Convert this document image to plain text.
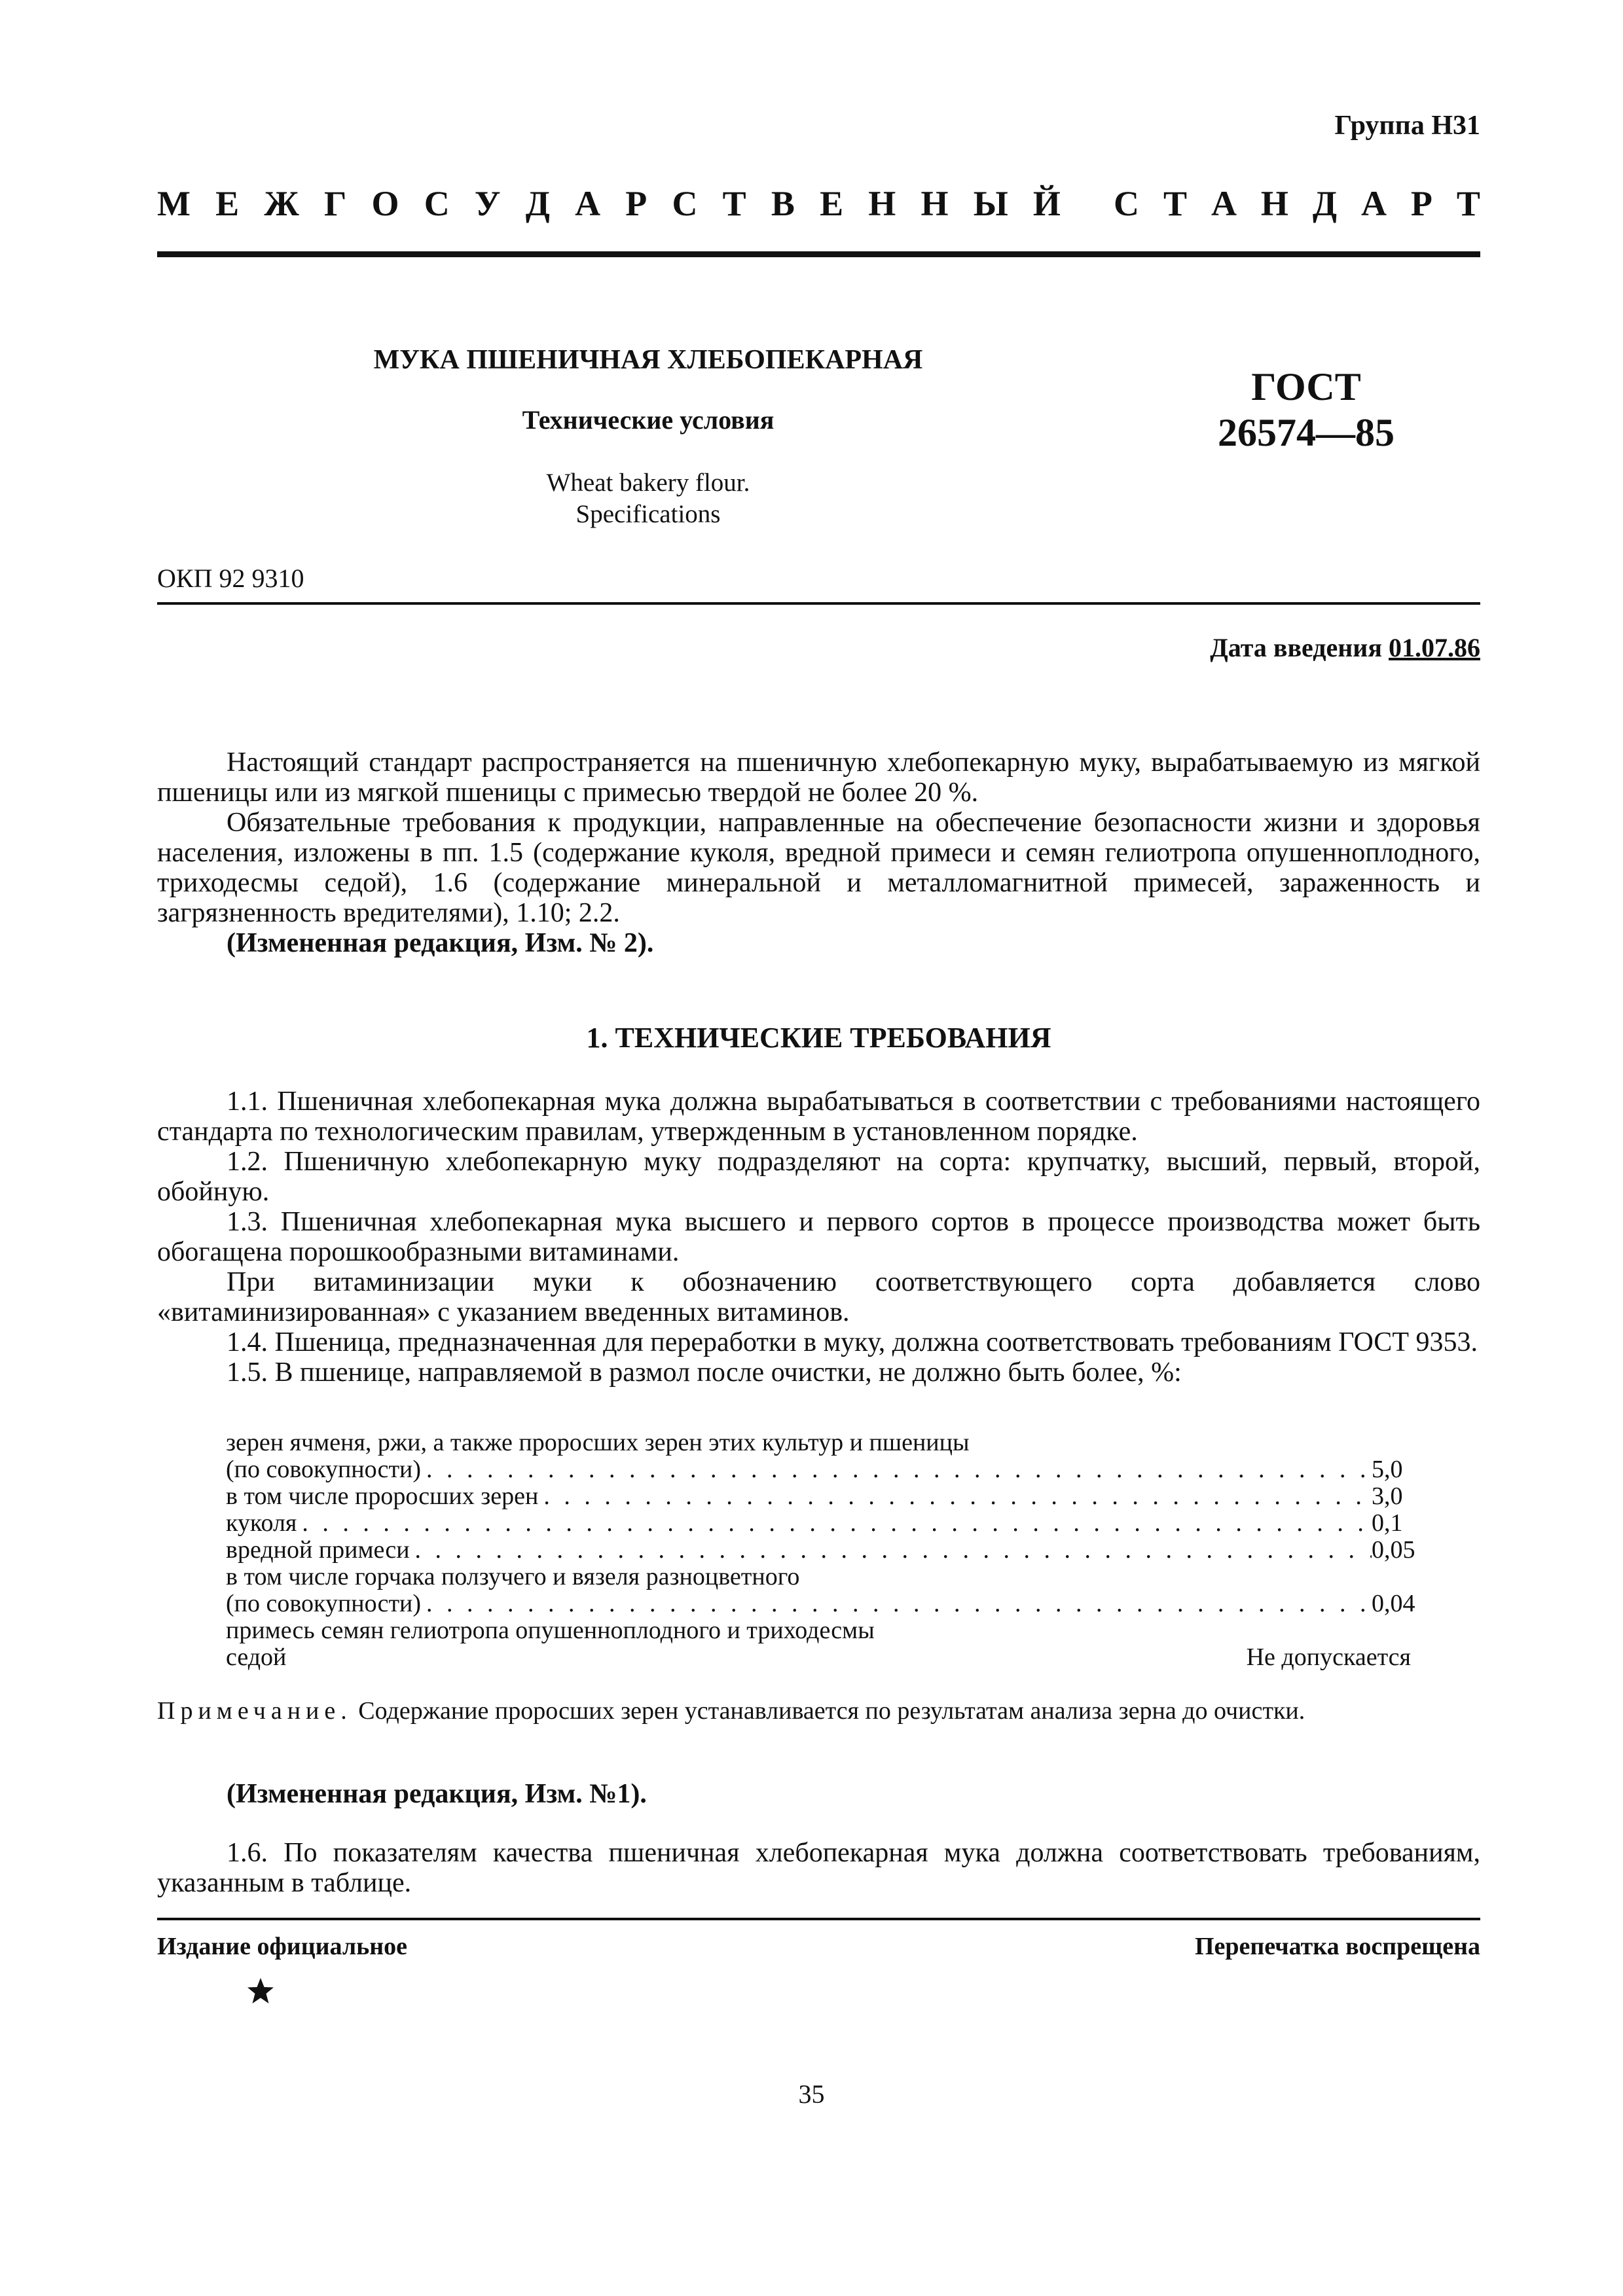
Группа Н31
М Е Ж Г О С У Д А Р С Т В Е Н Н Ы Й С Т А Н Д А Р Т
МУКА ПШЕНИЧНАЯ ХЛЕБОПЕКАРНАЯ
Технические условия
Wheat bakery flour.
Specifications
ГОСТ
26574—85
ОКП 92 9310
Дата введения 01.07.86

Настоящий стандарт распространяется на пшеничную хлебопекарную муку, вырабатываемую из мягкой пшеницы или из мягкой пшеницы с примесью твердой не более 20 %.

Обязательные требования к продукции, направленные на обеспечение безопасности жизни и здоровья населения, изложены в пп. 1.5 (содержание куколя, вредной примеси и семян гелиотропа опушенноплодного, триходесмы седой), 1.6 (содержание минеральной и металломагнитной примесей, зараженность и загрязненность вредителями), 1.10; 2.2.

(Измененная редакция, Изм. № 2).

1. ТЕХНИЧЕСКИЕ ТРЕБОВАНИЯ

1.1. Пшеничная хлебопекарная мука должна вырабатываться в соответствии с требованиями настоящего стандарта по технологическим правилам, утвержденным в установленном порядке.

1.2. Пшеничную хлебопекарную муку подразделяют на сорта: крупчатку, высший, первый, второй, обойную.

1.3. Пшеничная хлебопекарная мука высшего и первого сортов в процессе производства может быть обогащена порошкообразными витаминами.

При витаминизации муки к обозначению соответствующего сорта добавляется слово «витаминизированная» с указанием введенных витаминов.

1.4. Пшеница, предназначенная для переработки в муку, должна соответствовать требованиям ГОСТ 9353.

1.5. В пшенице, направляемой в размол после очистки, не должно быть более, %:

зерен ячменя, ржи, а также проросших зерен этих культур и пшеницы
(по совокупности) . . .	5,0
в том числе проросших зерен . . .	3,0
куколя . . .	0,1
вредной примеси . . .	0,05
в том числе горчака ползучего и вязеля разноцветного
(по совокупности) . . .	0,04
примесь семян гелиотропа опушенноплодного и триходесмы
седой	Не допускается
Примечание. Содержание проросших зерен устанавливается по результатам анализа зерна до очистки.

(Измененная редакция, Изм. №1).

1.6. По показателям качества пшеничная хлебопекарная мука должна соответствовать требованиям, указанным в таблице.

Издание официальное	Перепечатка воспрещена
35
